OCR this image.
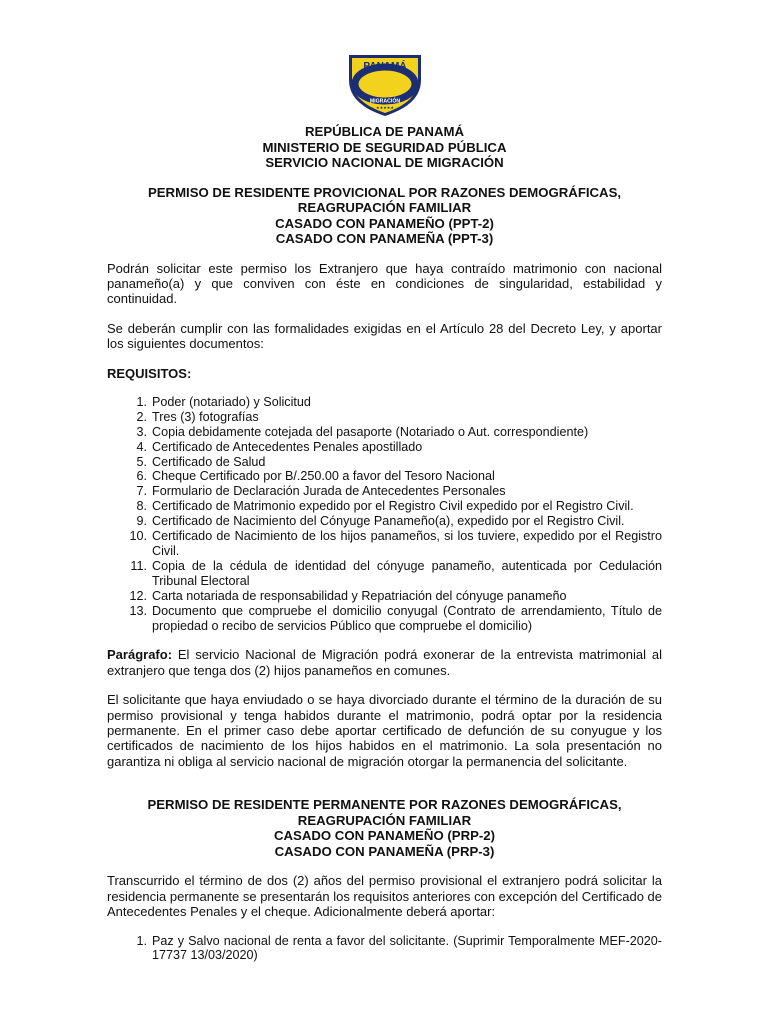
PANAMÁ
MIGRACIÓN
★★★★★

REPÚBLICA DE PANAMÁ

MINISTERIO DE SEGURIDAD PÚBLICA

SERVICIO NACIONAL DE MIGRACIÓN

PERMISO DE RESIDENTE PROVICIONAL POR RAZONES DEMOGRÁFICAS,

REAGRUPACIÓN FAMILIAR

CASADO CON PANAMEÑO (PPT-2)

CASADO CON PANAMEÑA (PPT-3)

Podrán solicitar este permiso los Extranjero que haya contraído matrimonio con nacional panameño(a) y que conviven con éste en condiciones de singularidad, estabilidad y continuidad.

Se deberán cumplir con las formalidades exigidas en el Artículo 28 del Decreto Ley, y aportar los siguientes documentos:

REQUISITOS:

1. Poder (notariado) y Solicitud
2. Tres (3) fotografías
3. Copia debidamente cotejada del pasaporte (Notariado o Aut. correspondiente)
4. Certificado de Antecedentes Penales apostillado
5. Certificado de Salud
6. Cheque Certificado por B/.250.00 a favor del Tesoro Nacional
7. Formulario de Declaración Jurada de Antecedentes Personales
8. Certificado de Matrimonio expedido por el Registro Civil expedido por el Registro Civil.
9. Certificado de Nacimiento del Cónyuge Panameño(a), expedido por el Registro Civil.
10. Certificado de Nacimiento de los hijos panameños, si los tuviere, expedido por el Registro Civil.
11. Copia de la cédula de identidad del cónyuge panameño, autenticada por Cedulación Tribunal Electoral
12. Carta notariada de responsabilidad y Repatriación del cónyuge panameño
13. Documento que compruebe el domicilio conyugal (Contrato de arrendamiento, Título de propiedad o recibo de servicios Público que compruebe el domicilio)

Parágrafo: El servicio Nacional de Migración podrá exonerar de la entrevista matrimonial al extranjero que tenga dos (2) hijos panameños en comunes.

El solicitante que haya enviudado o se haya divorciado durante el término de la duración de su permiso provisional y tenga habidos durante el matrimonio, podrá optar por la residencia permanente. En el primer caso debe aportar certificado de defunción de su conyugue y los certificados de nacimiento de los hijos habidos en el matrimonio. La sola presentación no garantiza ni obliga al servicio nacional de migración otorgar la permanencia del solicitante.

PERMISO DE RESIDENTE PERMANENTE POR RAZONES DEMOGRÁFICAS,

REAGRUPACIÓN FAMILIAR

CASADO CON PANAMEÑO (PRP-2)

CASADO CON PANAMEÑA (PRP-3)

Transcurrido el término de dos (2) años del permiso provisional el extranjero podrá solicitar la residencia permanente se presentarán los requisitos anteriores con excepción del Certificado de Antecedentes Penales y el cheque. Adicionalmente deberá aportar:

1. Paz y Salvo nacional de renta a favor del solicitante. (Suprimir Temporalmente MEF-2020-17737 13/03/2020)
